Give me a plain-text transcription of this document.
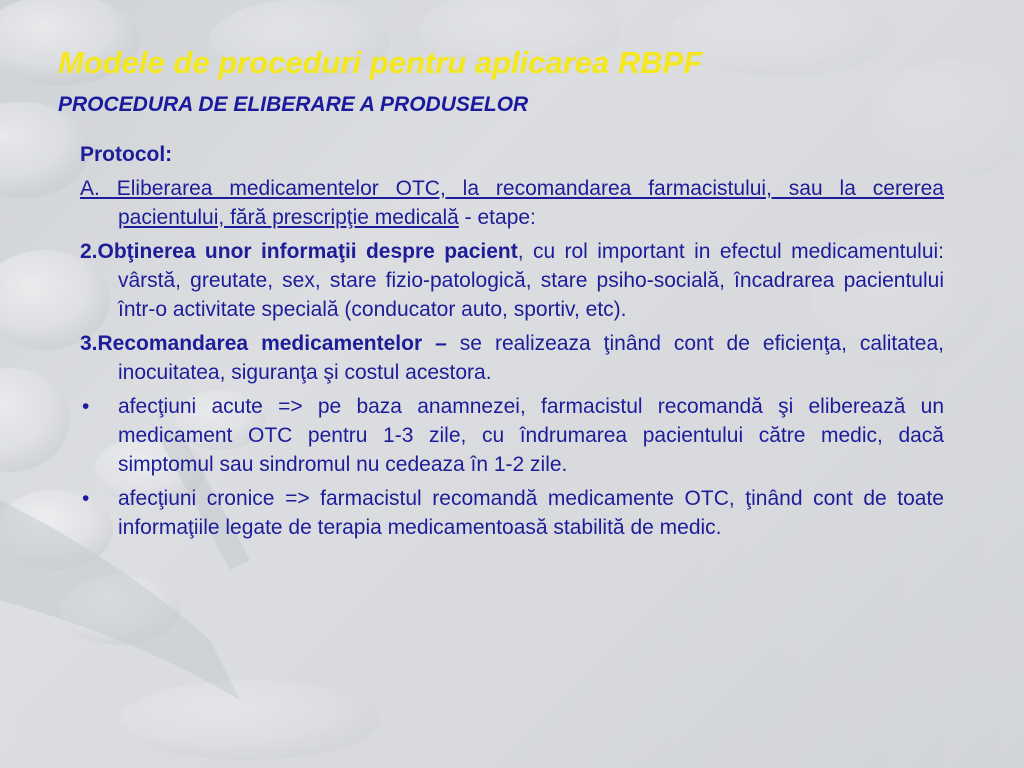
Modele de proceduri pentru aplicarea RBPF
PROCEDURA DE ELIBERARE A PRODUSELOR
Protocol:

A. Eliberarea medicamentelor OTC, la recomandarea farmacistului, sau la cererea pacientului, fără prescripţie medicală - etape:

2.Obţinerea unor informaţii despre pacient, cu rol important in efectul medicamentului: vârstă, greutate, sex, stare fizio-patologică, stare psiho-socială, încadrarea pacientului într-o activitate specială (conducator auto, sportiv, etc).

3.Recomandarea medicamentelor – se realizeaza ţinând cont de eficienţa, calitatea, inocuitatea, siguranţa şi costul acestora.

• afecţiuni acute => pe baza anamnezei, farmacistul recomandă şi eliberează un medicament OTC pentru 1-3 zile, cu îndrumarea pacientului către medic, dacă simptomul sau sindromul nu cedeaza în 1-2 zile.
• afecţiuni cronice => farmacistul recomandă medicamente OTC, ţinând cont de toate informaţiile legate de terapia medicamentoasă stabilită de medic.
